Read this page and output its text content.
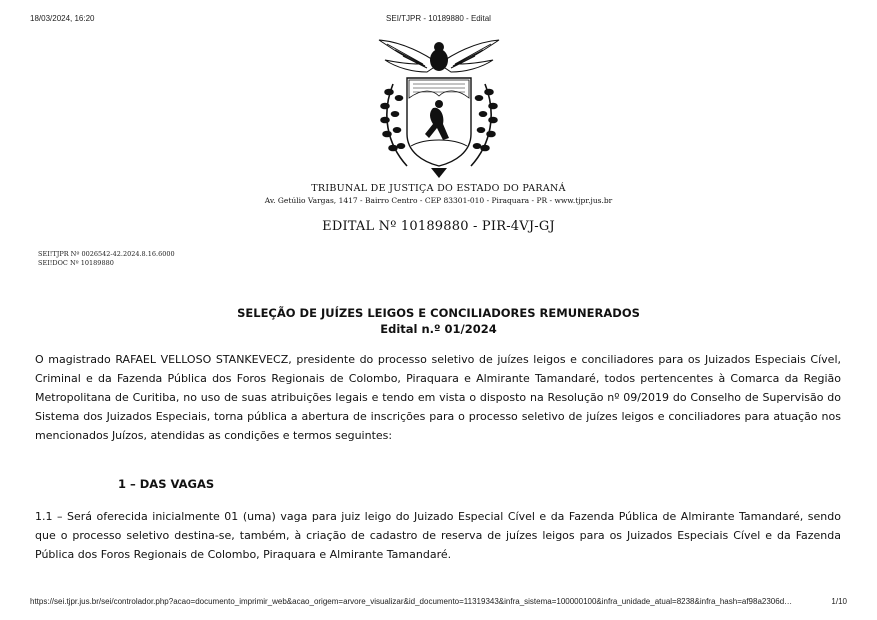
18/03/2024, 16:20	SEI/TJPR - 10189880 - Edital
TRIBUNAL DE JUSTIÇA DO ESTADO DO PARANÁ
Av. Getúlio Vargas, 1417 - Bairro Centro - CEP 83301-010 - Piraquara - PR - www.tjpr.jus.br
EDITAL Nº 10189880 - PIR-4VJ-GJ
SEI!TJPR Nº 0026542-42.2024.8.16.6000
SEI!DOC Nº 10189880
SELEÇÃO DE JUÍZES LEIGOS E CONCILIADORES REMUNERADOS
Edital n.º 01/2024
O magistrado RAFAEL VELLOSO STANKEVECZ, presidente do processo seletivo de juízes leigos e conciliadores para os Juizados Especiais Cível, Criminal e da Fazenda Pública dos Foros Regionais de Colombo, Piraquara e Almirante Tamandaré, todos pertencentes à Comarca da Região Metropolitana de Curitiba, no uso de suas atribuições legais e tendo em vista o disposto na Resolução nº 09/2019 do Conselho de Supervisão do Sistema dos Juizados Especiais, torna pública a abertura de inscrições para o processo seletivo de juízes leigos e conciliadores para atuação nos mencionados Juízos, atendidas as condições e termos seguintes:
1 – DAS VAGAS
1.1 – Será oferecida inicialmente 01 (uma) vaga para juiz leigo do Juizado Especial Cível e da Fazenda Pública de Almirante Tamandaré, sendo que o processo seletivo destina-se, também, à criação de cadastro de reserva de juízes leigos para os Juizados Especiais Cível e da Fazenda Pública dos Foros Regionais de Colombo, Piraquara e Almirante Tamandaré.
https://sei.tjpr.jus.br/sei/controlador.php?acao=documento_imprimir_web&acao_origem=arvore_visualizar&id_documento=11319343&infra_sistema=100000100&infra_unidade_atual=8238&infra_hash=af98a2306d…	1/10
